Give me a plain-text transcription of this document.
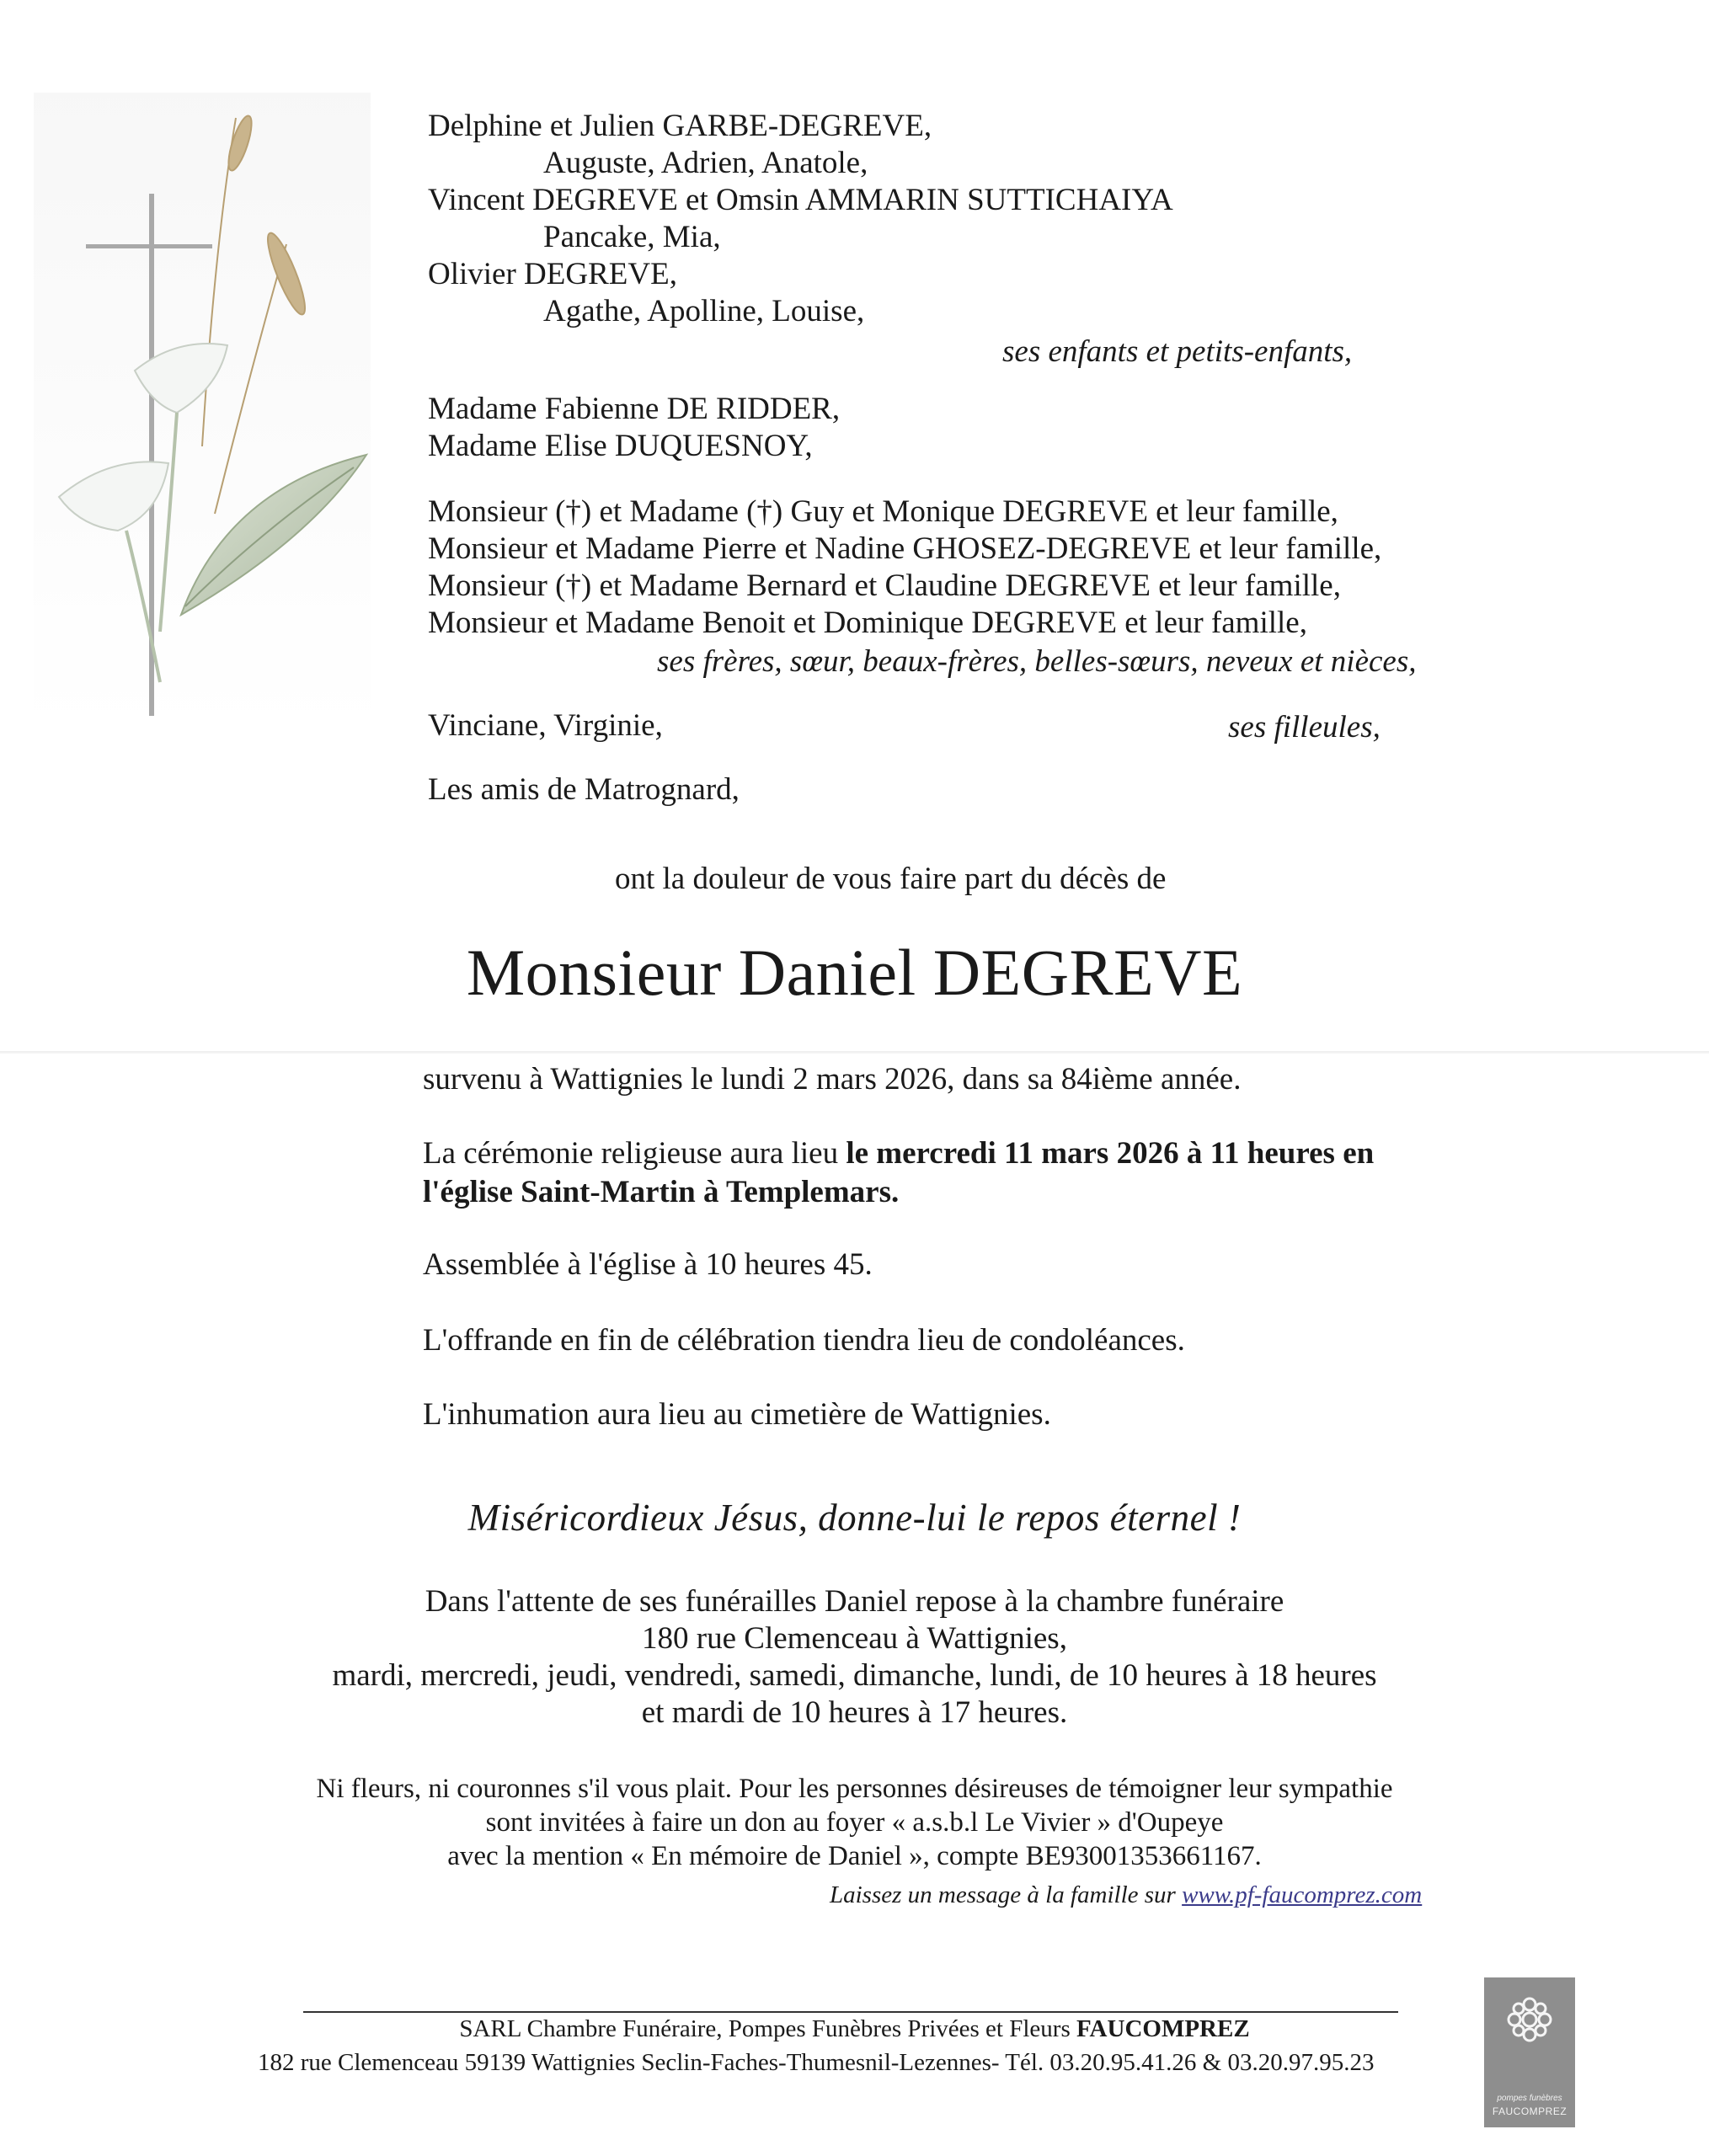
Delphine et Julien GARBE-DEGREVE,
Auguste, Adrien, Anatole,
Vincent DEGREVE et Omsin AMMARIN SUTTICHAIYA
Pancake, Mia,
Olivier DEGREVE,
Agathe, Apolline, Louise,
ses enfants et petits-enfants,
Madame Fabienne DE RIDDER,
Madame Elise DUQUESNOY,
Monsieur (†) et Madame (†) Guy et Monique DEGREVE et leur famille,
Monsieur et Madame Pierre et Nadine GHOSEZ-DEGREVE et leur famille,
Monsieur (†) et Madame Bernard et Claudine DEGREVE et leur famille,
Monsieur et Madame Benoit et Dominique DEGREVE et leur famille,
ses frères, sœur, beaux-frères, belles-sœurs, neveux et nièces,
Vinciane, Virginie,	ses filleules,
Les amis de Matrognard,
ont la douleur de vous faire part du décès de
Monsieur Daniel DEGREVE
survenu à Wattignies le lundi 2 mars 2026, dans sa 84ième année.
La cérémonie religieuse aura lieu le mercredi 11 mars 2026 à 11 heures en
l'église Saint-Martin à Templemars.
Assemblée à l'église à 10 heures 45.
L'offrande en fin de célébration tiendra lieu de condoléances.
L'inhumation aura lieu au cimetière de Wattignies.
Miséricordieux Jésus, donne-lui le repos éternel !
Dans l'attente de ses funérailles Daniel repose à la chambre funéraire
180 rue Clemenceau à Wattignies,
mardi, mercredi, jeudi, vendredi, samedi, dimanche, lundi, de 10 heures à 18 heures
et mardi de 10 heures à 17 heures.
Ni fleurs, ni couronnes s'il vous plait. Pour les personnes désireuses de témoigner leur sympathie
sont invitées à faire un don au foyer « a.s.b.l Le Vivier » d'Oupeye
avec la mention « En mémoire de Daniel », compte BE93001353661167.
Laissez un message à la famille sur www.pf-faucomprez.com
SARL Chambre Funéraire, Pompes Funèbres Privées et Fleurs FAUCOMPREZ
182 rue Clemenceau 59139 Wattignies Seclin-Faches-Thumesnil-Lezennes- Tél. 03.20.95.41.26 & 03.20.97.95.23
pompes funèbres
FAUCOMPREZ
